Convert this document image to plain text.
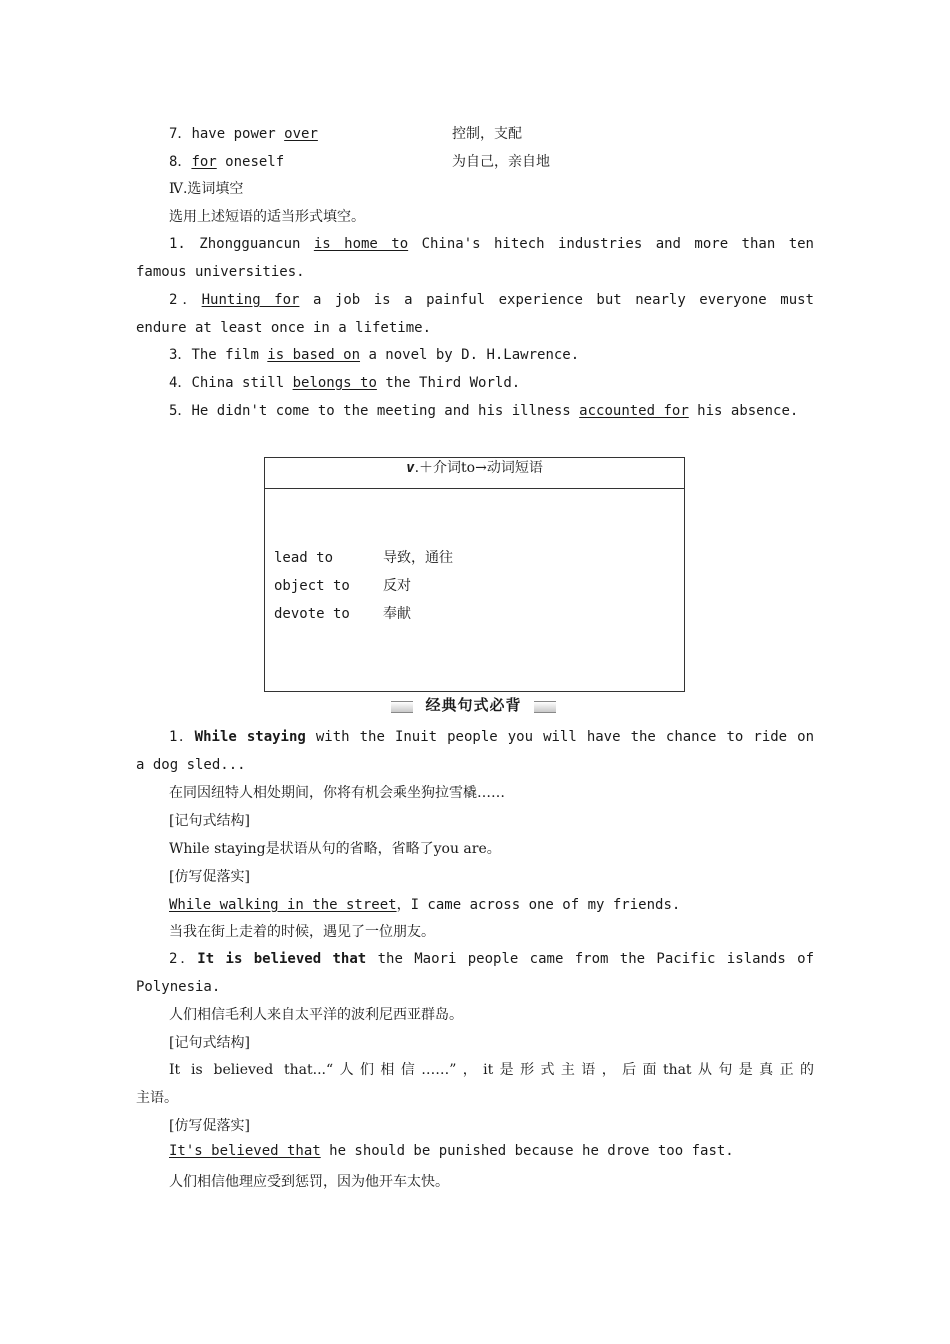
7．have power over	控制，支配
8．for oneself	为自己，亲自地
Ⅳ.选词填空
选用上述短语的适当形式填空。
1. Zhongguancun is home to China's hitech industries and more than ten
famous universities.
2．Hunting for a job is a painful experience but nearly everyone must
endure at least once in a lifetime.
3．The film is based on a novel by D. H.Lawrence.
4．China still belongs to the Third World.
5．He didn't come to the meeting and his illness accounted for his absence.
v.＋介词to→动词短语
lead to	导致，通往
object to 反对
devote to 奉献
经典句式必背
1．While staying with the Inuit people you will have the chance to ride on
a dog sled...
在同因纽特人相处期间，你将有机会乘坐狗拉雪橇……
[记句式结构]
While staying是状语从句的省略，省略了you are。
[仿写促落实]
While walking in the street，I came across one of my friends.
当我在街上走着的时候，遇见了一位朋友。
2．It is believed that the Maori people came from the Pacific islands of
Polynesia.
人们相信毛利人来自太平洋的波利尼西亚群岛。
[记句式结构]
It is believed that...“人们相信……”，it是形式主语，后面that从句是真正的
主语。
[仿写促落实]
It's believed that he should be punished because he drove too fast.
人们相信他理应受到惩罚，因为他开车太快。
